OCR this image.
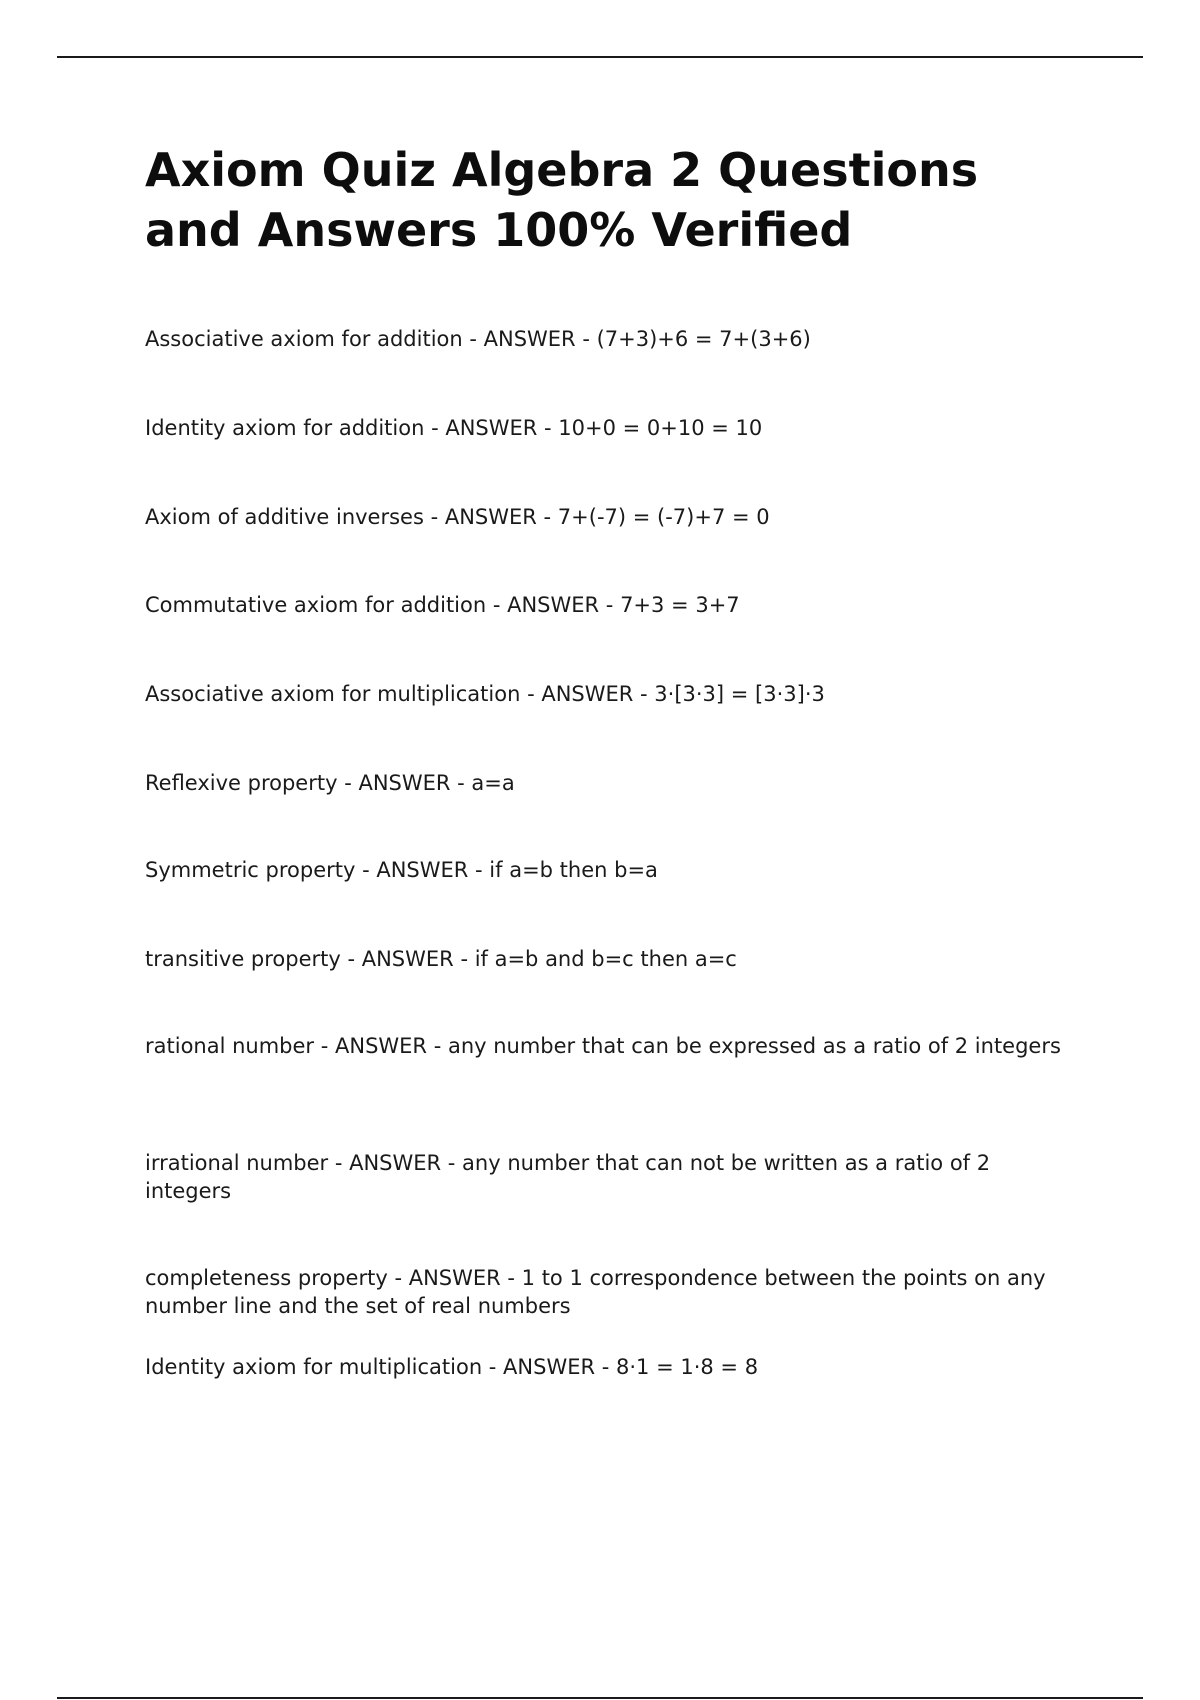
Axiom Quiz Algebra 2 Questions and Answers 100% Verified
Associative axiom for addition - ANSWER - (7+3)+6 = 7+(3+6)
Identity axiom for addition - ANSWER - 10+0 = 0+10 = 10
Axiom of additive inverses - ANSWER - 7+(-7) = (-7)+7 = 0
Commutative axiom for addition - ANSWER - 7+3 = 3+7
Associative axiom for multiplication - ANSWER - 3·[3·3] = [3·3]·3
Reflexive property - ANSWER - a=a
Symmetric property - ANSWER - if a=b then b=a
transitive property - ANSWER - if a=b and b=c then a=c
rational number - ANSWER - any number that can be expressed as a ratio of 2 integers
irrational number - ANSWER - any number that can not be written as a ratio of 2 integers
completeness property - ANSWER - 1 to 1 correspondence between the points on any number line and the set of real numbers
Identity axiom for multiplication - ANSWER - 8·1 = 1·8 = 8
